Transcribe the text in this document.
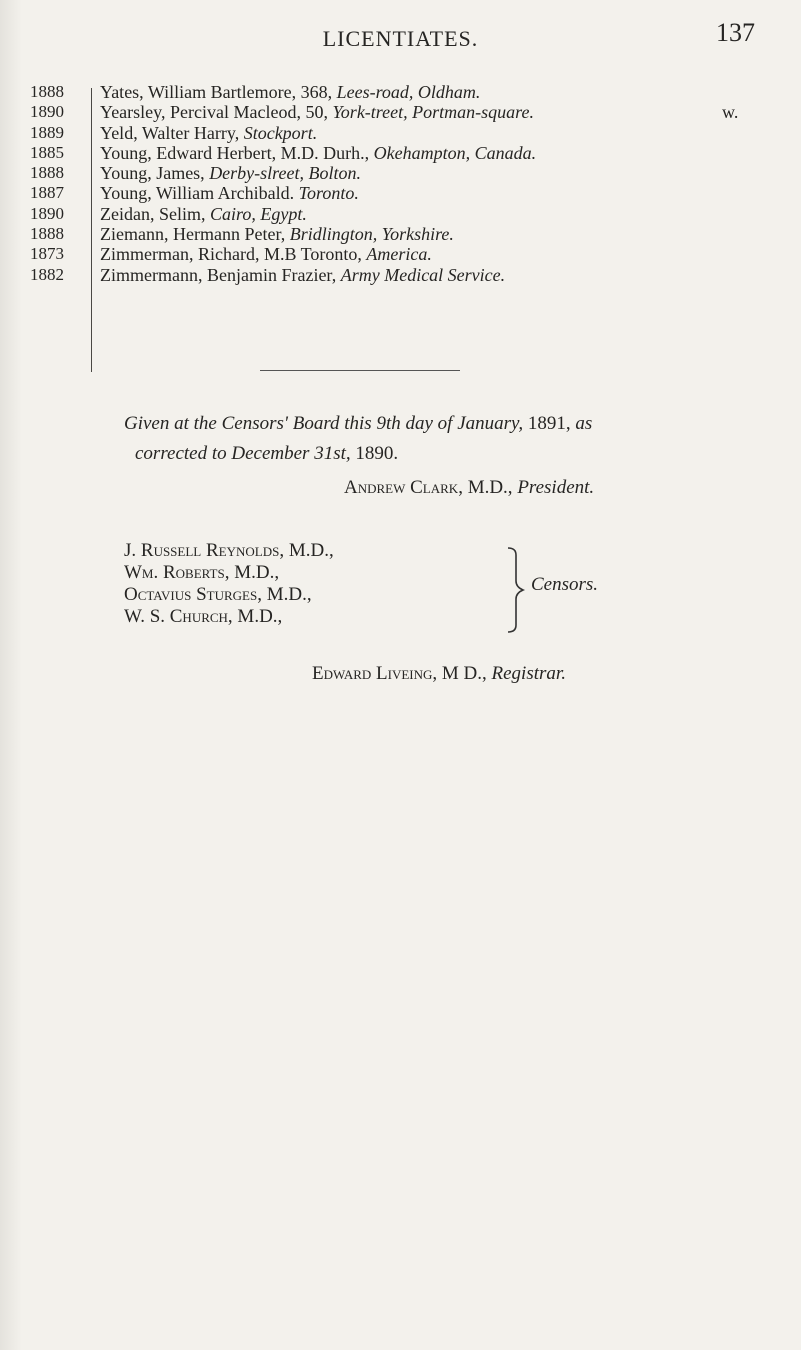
LICENTIATES.	137
1888	Yates, William Bartlemore, 368, Lees-road, Oldham.
1890	Yearsley, Percival Macleod, 50, York-treet, Portman-square.	w.
1889	Yeld, Walter Harry, Stockport.
1885	Young, Edward Herbert, M.D. Durh., Okehampton, Canada.
1888	Young, James, Derby-slreet, Bolton.
1887	Young, William Archibald. Toronto.
1890	Zeidan, Selim, Cairo, Egypt.
1888	Ziemann, Hermann Peter, Bridlington, Yorkshire.
1873	Zimmerman, Richard, M.B Toronto, America.
1882	Zimmermann, Benjamin Frazier, Army Medical Service.
Given at the Censors' Board this 9th day of January, 1891, as
corrected to December 31st, 1890.
Andrew Clark, M.D., President.
J. Russell Reynolds, M.D.,
Wm. Roberts, M.D.,
Octavius Sturges, M.D.,
W. S. Church, M.D.,
Censors.
Edward Liveing, M D., Registrar.
